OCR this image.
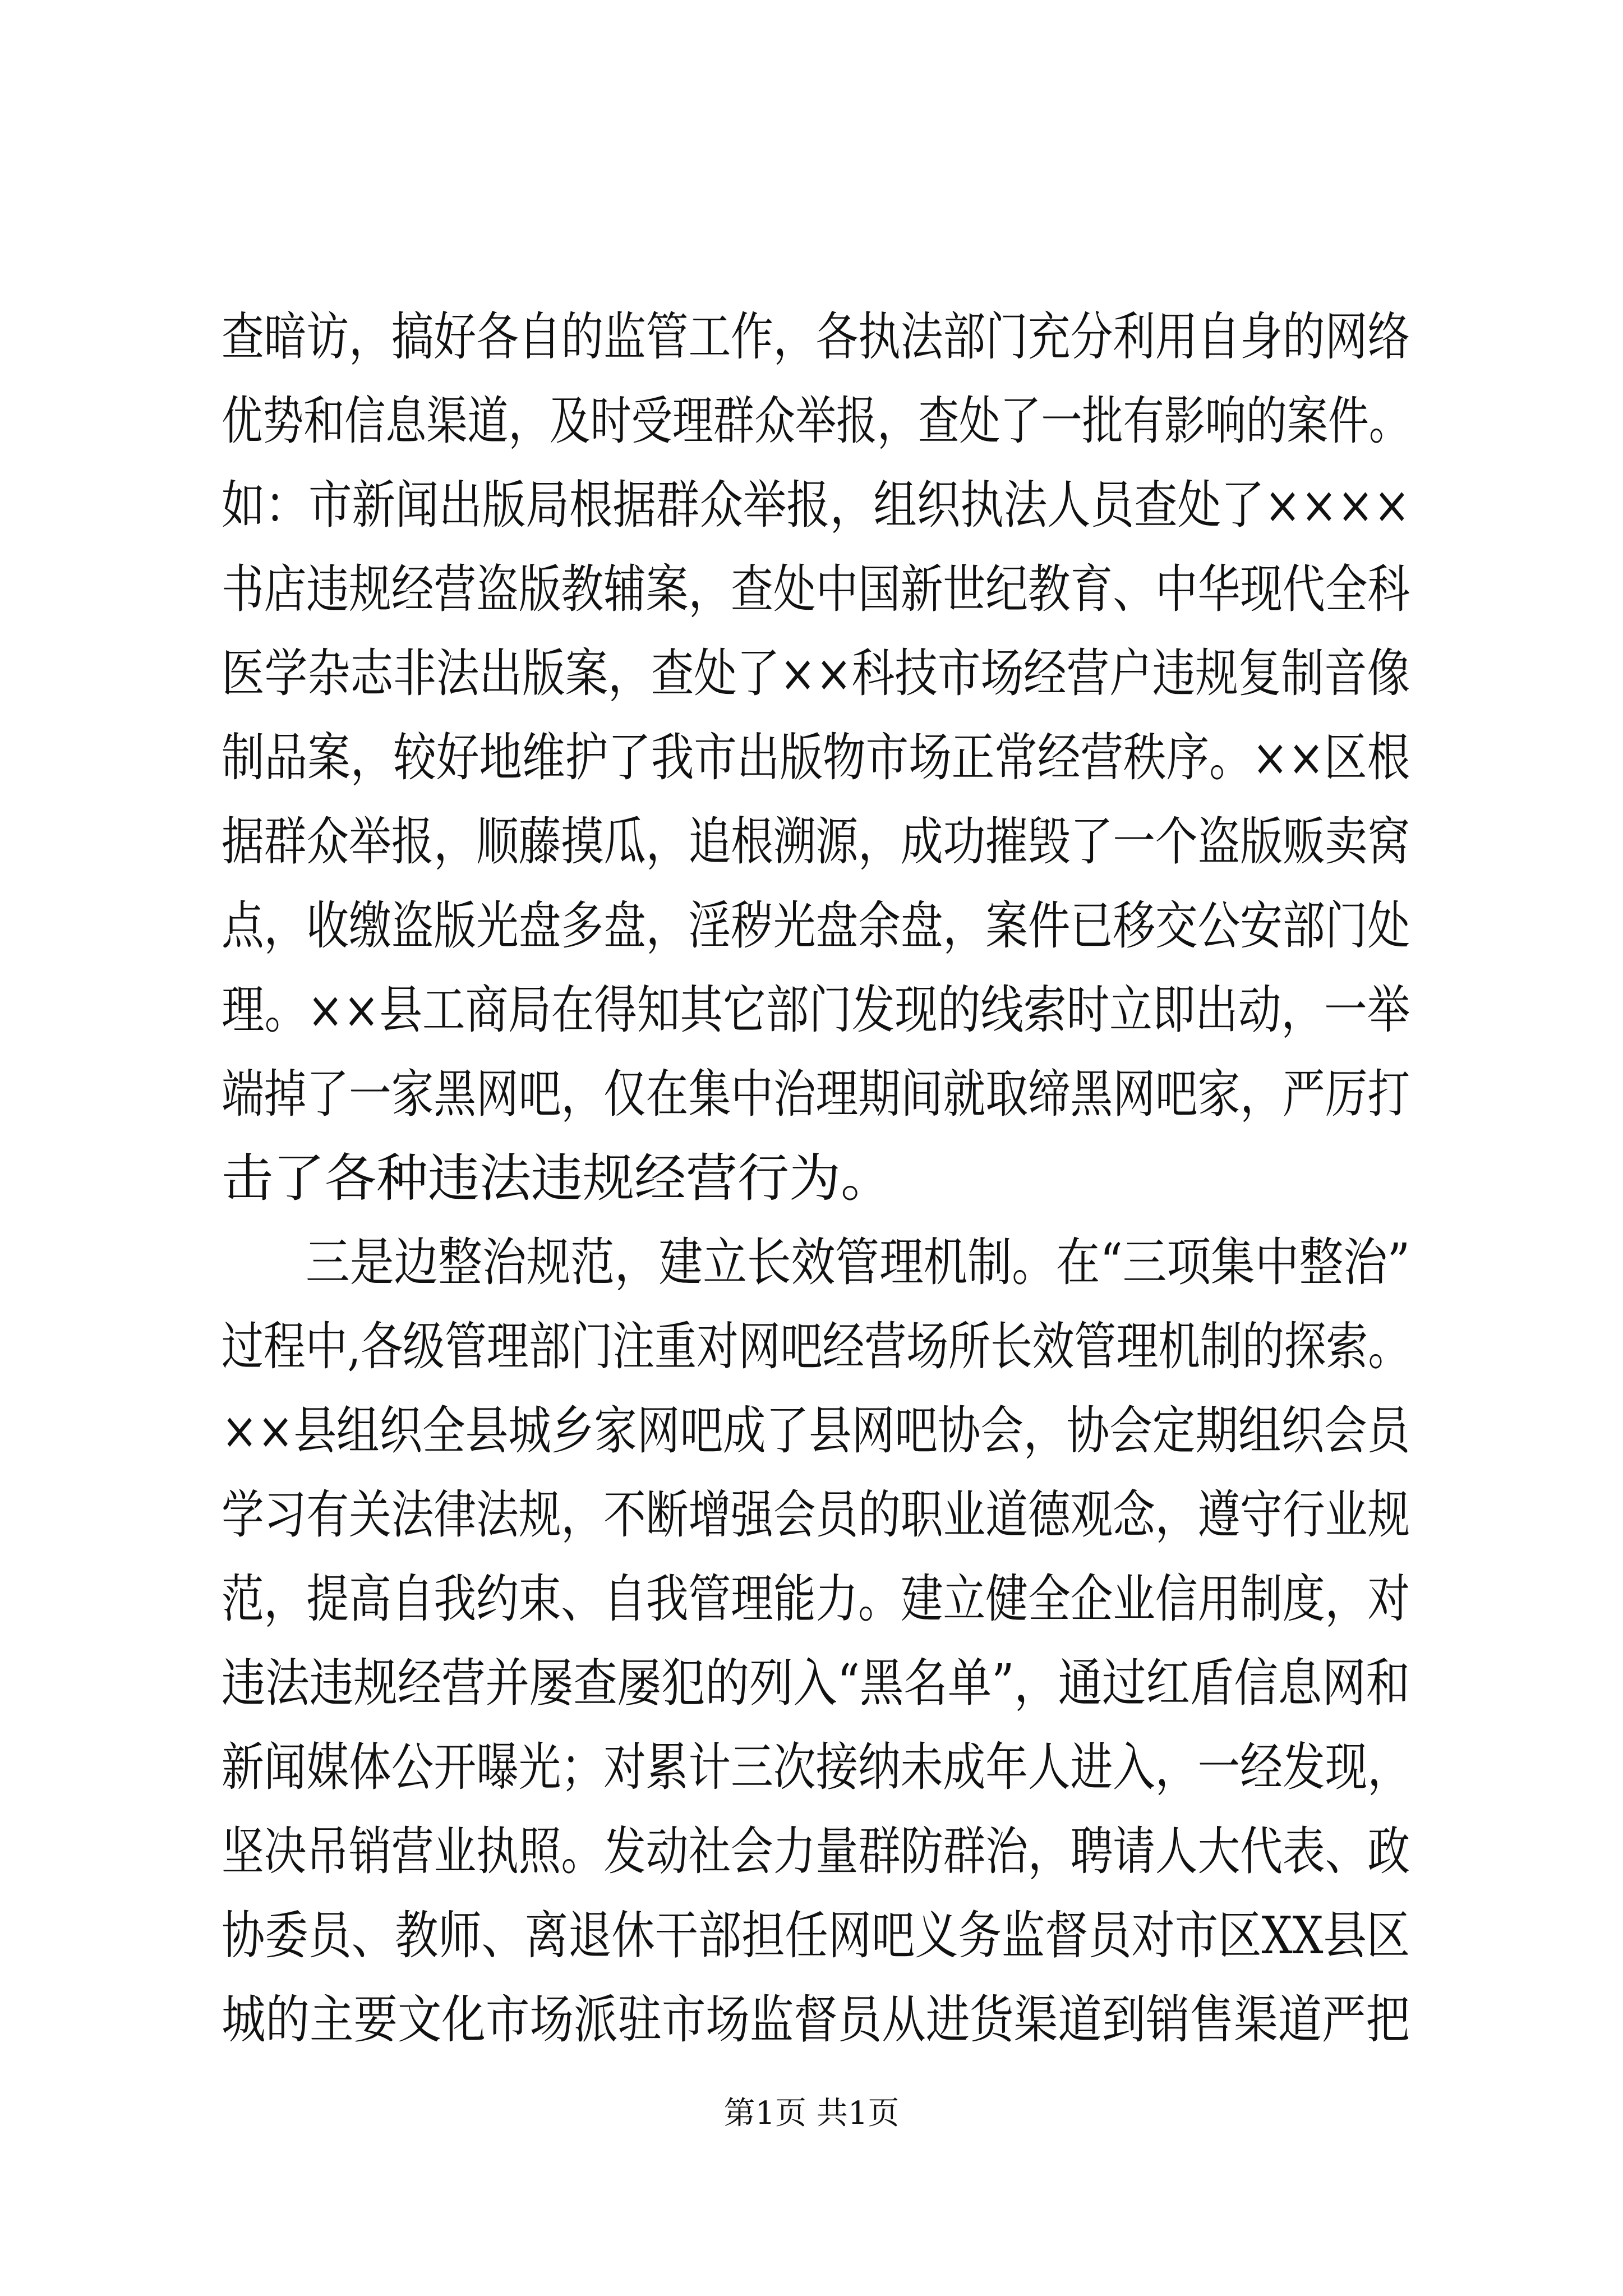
查暗访，搞好各自的监管工作，各执法部门充分利用自身的网络
优势和信息渠道，及时受理群众举报，查处了一批有影响的案件。
如：市新闻出版局根据群众举报，组织执法人员查处了××××
书店违规经营盗版教辅案，查处中国新世纪教育、中华现代全科
医学杂志非法出版案，查处了××科技市场经营户违规复制音像
制品案，较好地维护了我市出版物市场正常经营秩序。××区根
据群众举报，顺藤摸瓜，追根溯源，成功摧毁了一个盗版贩卖窝
点，收缴盗版光盘多盘，淫秽光盘余盘，案件已移交公安部门处
理。××县工商局在得知其它部门发现的线索时立即出动，一举
端掉了一家黑网吧，仅在集中治理期间就取缔黑网吧家，严厉打
击了各种违法违规经营行为。
三是边整治规范，建立长效管理机制。在“三项集中整治”
过程中,各级管理部门注重对网吧经营场所长效管理机制的探索。
××县组织全县城乡家网吧成了县网吧协会，协会定期组织会员
学习有关法律法规，不断增强会员的职业道德观念，遵守行业规
范，提高自我约束、自我管理能力。建立健全企业信用制度，对
违法违规经营并屡查屡犯的列入“黑名单”，通过红盾信息网和
新闻媒体公开曝光；对累计三次接纳未成年人进入，一经发现，
坚决吊销营业执照。发动社会力量群防群治，聘请人大代表、政
协委员、教师、离退休干部担任网吧义务监督员对市区XX县区
城的主要文化市场派驻市场监督员从进货渠道到销售渠道严把
第1页 共1页
